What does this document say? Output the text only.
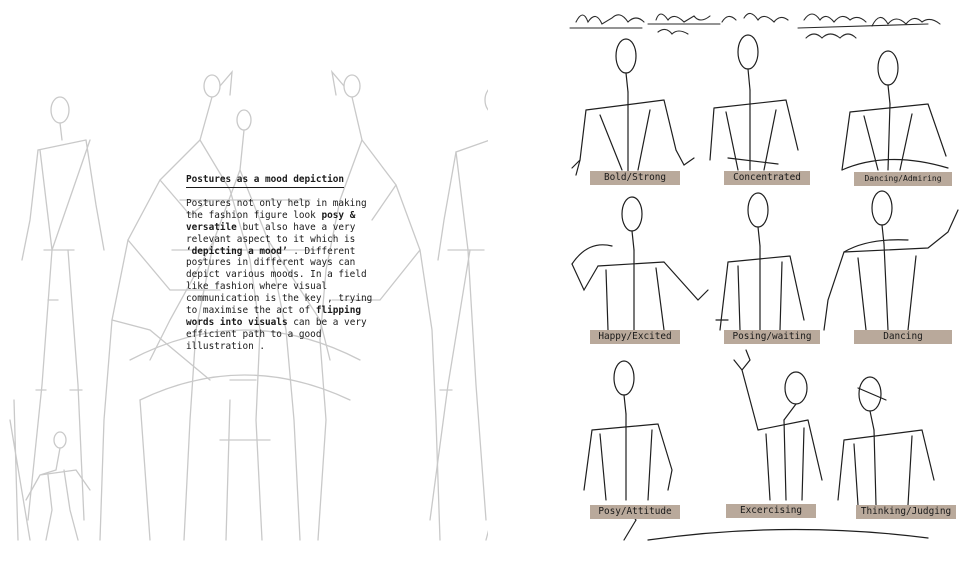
Postures as a mood depiction

Postures not only help in making the fashion figure look posy & versatile but also have a very relevant aspect to it which is ‘depicting a mood’ . Different postures in different ways can depict various moods. In a field like fashion where visual communication is the key , trying to maximise the act of flipping words into visuals can be a very efficient path to a good illustration .

Bold/Strong	Concentrated	Dancing/Admiring
Happy/Excited	Posing/waiting	Dancing
Posy/Attitude	Excercising	Thinking/Judging
